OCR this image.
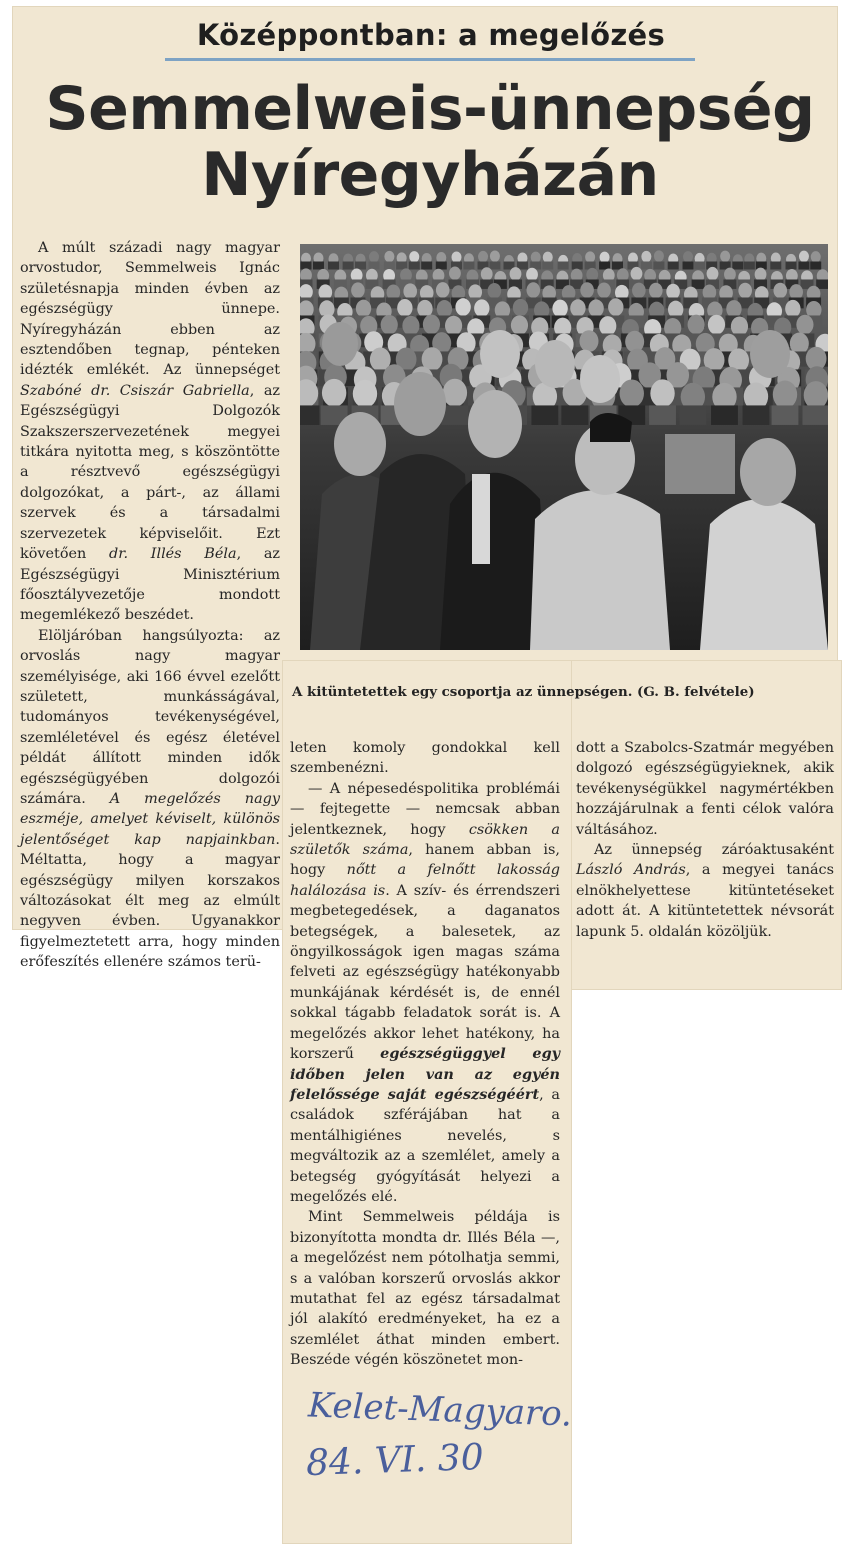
Középpontban: a megelőzés
Semmelweis-ünnepség
Nyíregyházán
A kitüntetettek egy csoportja az ünnepségen. (G. B. felvétele)

A múlt századi nagy magyar orvostudor, Semmelweis Ignác születésnapja minden évben az egészségügy ünnepe. Nyíregyházán ebben az esztendőben tegnap, pénteken idézték emlékét. Az ünnepséget Szabóné dr. Csiszár Gabriella, az Egészségügyi Dolgozók Szakszerszervezetének megyei titkára nyitotta meg, s köszöntötte a résztvevő egészségügyi dolgozókat, a párt-, az állami szervek és a társadalmi szervezetek képviselőit. Ezt követően dr. Illés Béla, az Egészségügyi Minisztérium főosztályvezetője mondott megemlékező beszédet.

Elöljáróban hangsúlyozta: az orvoslás nagy magyar személyisége, aki 166 évvel ezelőtt született, munkásságával, tudományos tevékenységével, szemléletével és egész életével példát állított minden idők egészségügyében dolgozói számára. A megelőzés nagy eszméje, amelyet kéviselt, különös jelentőséget kap napjainkban. Méltatta, hogy a magyar egészségügy milyen korszakos változásokat élt meg az elmúlt negyven évben. Ugyanakkor figyelmeztetett arra, hogy minden erőfeszítés ellenére számos terü-

leten komoly gondokkal kell szembenézni.

— A népesedéspolitika problémái — fejtegette — nemcsak abban jelentkeznek, hogy csökken a születők száma, hanem abban is, hogy nőtt a felnőtt lakosság halálozása is. A szív- és érrendszeri megbetegedések, a daganatos betegségek, a balesetek, az öngyilkosságok igen magas száma felveti az egészségügy hatékonyabb munkájának kérdését is, de ennél sokkal tágabb feladatok sorát is. A megelőzés akkor lehet hatékony, ha korszerű egészségüggyel egy időben jelen van az egyén felelőssége saját egészségéért, a családok szférájában hat a mentálhigiénes nevelés, s megváltozik az a szemlélet, amely a betegség gyógyítását helyezi a megelőzés elé.

Mint Semmelweis példája is bizonyította mondta dr. Illés Béla —, a megelőzést nem pótolhatja semmi, s a valóban korszerű orvoslás akkor mutathat fel az egész társadalmat jól alakító eredményeket, ha ez a szemlélet áthat minden embert. Beszéde végén köszönetet mon-

dott a Szabolcs-Szatmár megyében dolgozó egészségügyieknek, akik tevékenységükkel nagymértékben hozzájárulnak a fenti célok valóra váltásához.

Az ünnepség záróaktusaként László András, a megyei tanács elnökhelyettese kitüntetéseket adott át. A kitüntetettek névsorát lapunk 5. oldalán közöljük.

Kelet-Magyaro.
84. VI. 30
